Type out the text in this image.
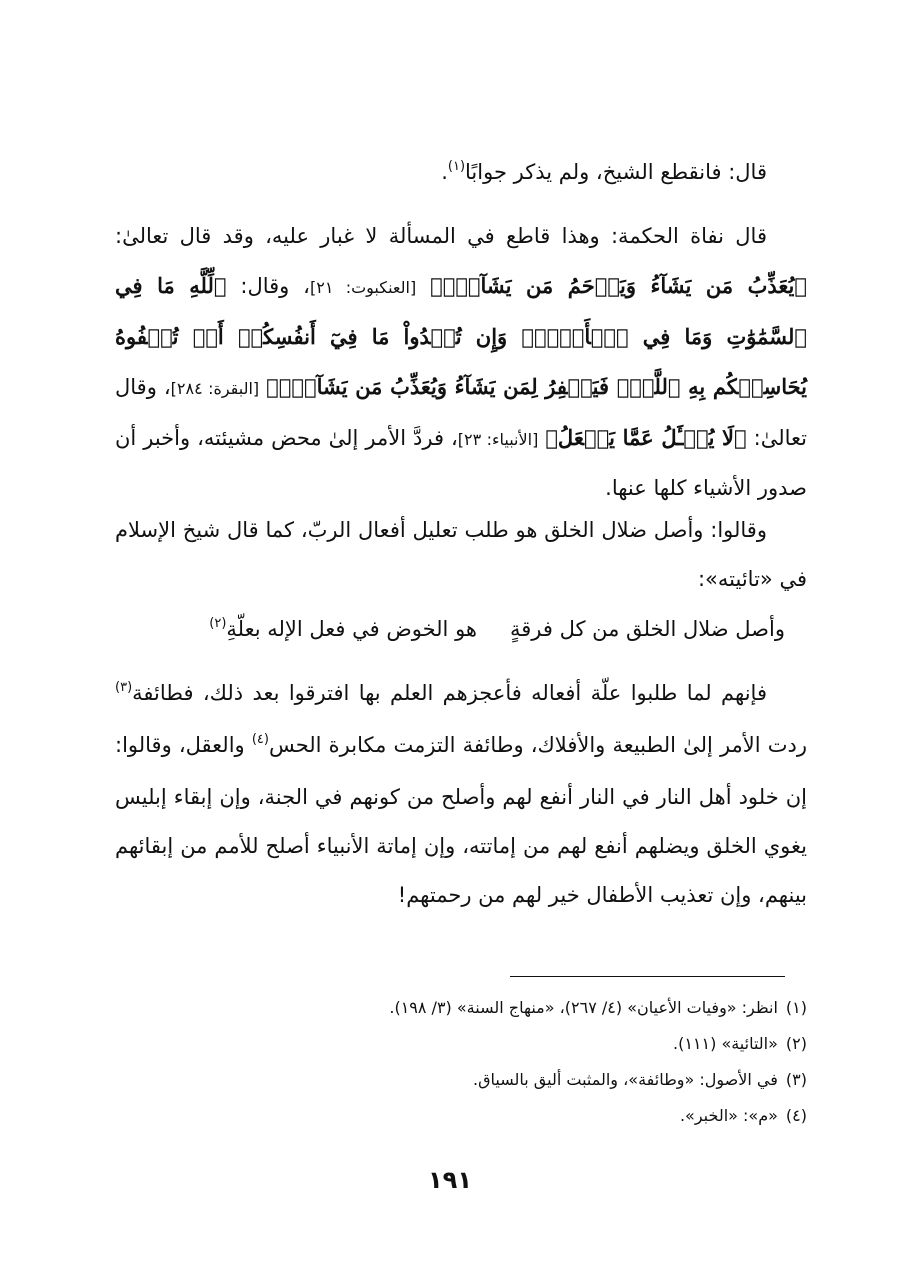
قال: فانقطع الشيخ، ولم يذكر جوابًا$^{(١)}$.

قال نفاة الحكمة: وهذا قاطع في المسألة لا غبار عليه، وقد قال تعالىٰ: ﴿يُعَذِّبُ مَن يَشَآءُ وَيَرۡحَمُ مَن يَشَآءُۖ﴾ [العنكبوت: ٢١]، وقال: ﴿لِّلَّهِ مَا فِي ٱلسَّمَٰوَٰتِ وَمَا فِي ٱلۡأَرۡضِۗ وَإِن تُبۡدُواْ مَا فِيٓ أَنفُسِكُمۡ أَوۡ تُخۡفُوهُ يُحَاسِبۡكُم بِهِ ٱللَّهُۖ فَيَغۡفِرُ لِمَن يَشَآءُ وَيُعَذِّبُ مَن يَشَآءُۗ﴾ [البقرة: ٢٨٤]، وقال تعالىٰ: ﴿لَا يُسۡـَٔلُ عَمَّا يَفۡعَلُ﴾ [الأنبياء: ٢٣]، فردَّ الأمر إلىٰ محض مشيئته، وأخبر أن صدور الأشياء كلها عنها.

وقالوا: وأصل ضلال الخلق هو طلب تعليل أفعال الربّ، كما قال شيخ الإسلام في «تائيته»:

وأصل ضلال الخلق من كل فرقةٍ
هو الخوض في فعل الإله بعلّةِ$^{(٢)}$

فإنهم لما طلبوا علّة أفعاله فأعجزهم العلم بها افترقوا بعد ذلك، فطائفة$^{(٣)}$ ردت الأمر إلىٰ الطبيعة والأفلاك، وطائفة التزمت مكابرة الحس$^{(٤)}$ والعقل، وقالوا: إن خلود أهل النار في النار أنفع لهم وأصلح من كونهم في الجنة، وإن إبقاء إبليس يغوي الخلق ويضلهم أنفع لهم من إماتته، وإن إماتة الأنبياء أصلح للأمم من إبقائهم بينهم، وإن تعذيب الأطفال خير لهم من رحمتهم!

(١)انظر: «وفيات الأعيان» (٤/ ٢٦٧)، «منهاج السنة» (٣/ ١٩٨).

(٢)«التائية» (١١١).

(٣)في الأصول: «وطائفة»، والمثبت أليق بالسياق.

(٤)«م»: «الخبر».

١٩١
